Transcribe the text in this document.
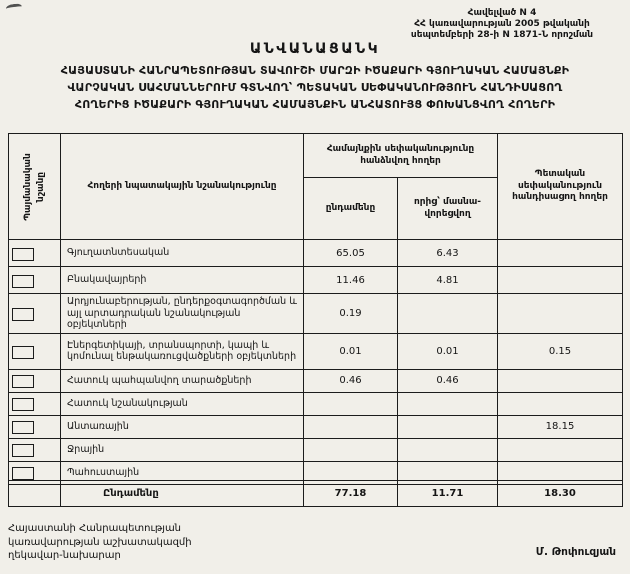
Հավելված N 4
ՀՀ կառավարության 2005 թվականի
սեպտեմբերի 28-ի N 1871-Ն որոշման
ԱՆՎԱՆԱՑԱՆԿ
ՀԱՅԱՍՏԱՆԻ ՀԱՆՐԱՊԵՏՈՒԹՅԱՆ ՏԱՎՈՒՇԻ ՄԱՐԶԻ ԻԾԱՔԱՐԻ ԳՅՈՒՂԱԿԱՆ ՀԱՄԱՅՆՔԻ
ՎԱՐՉԱԿԱՆ ՍԱՀՄԱՆՆԵՐՈՒՄ ԳՏՆՎՈՂ՝ ՊԵՏԱԿԱՆ ՍԵՓԱԿԱՆՈՒԹՅՈՒՆ ՀԱՆԴԻՍԱՑՈՂ
ՀՈՂԵՐԻՑ ԻԾԱՔԱՐԻ ԳՅՈՒՂԱԿԱՆ ՀԱՄԱՅՆՔԻՆ ԱՆՀԱՏՈՒՅՑ ՓՈԽԱՆՑՎՈՂ ՀՈՂԵՐԻ
Պայմանական նշանը	Հողերի նպատակային նշանակությունը	Համայնքին սեփականությունը հանձնվող հողեր		Պետական սեփականություն հանդիսացող հողեր
		ընդամենը	որից՝ մասնա-
վորեցվող	

	Գյուղատնտեսական	65.05	6.43	
	Բնակավայրերի	11.46	4.81	
	Արդյունաբերության, ընդերքօգտագործման և այլ արտադրական նշանակության օբյեկտների	0.19		
	Էներգետիկայի, տրանսպորտի, կապի և կոմունալ ենթակառուցվածքների օբյեկտների	0.01	0.01	0.15
	Հատուկ պահպանվող տարածքների	0.46	0.46	
	Հատուկ նշանակության			
	Անտառային			18.15
	Ջրային			
	Պահուստային			
	Ընդամենը	77.18	11.71	18.30
Հայաստանի Հանրապետության
կառավարության աշխատակազմի
ղեկավար-նախարար	Մ. Թոփուզյան
